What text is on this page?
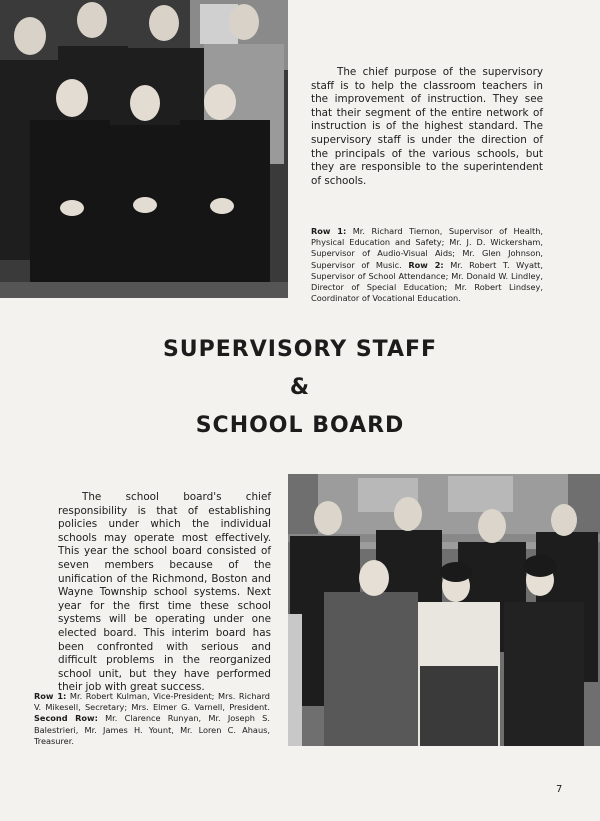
The chief purpose of the supervisory staff is to help the classroom teachers in the improvement of instruction. They see that their segment of the entire network of instruction is of the highest standard. The supervisory staff is under the direction of the principals of the various schools, but they are responsible to the superintendent of schools.

Row 1: Mr. Richard Tiernon, Supervisor of Health, Physical Education and Safety; Mr. J. D. Wickersham, Supervisor of Audio-Visual Aids; Mr. Glen Johnson, Supervisor of Music. Row 2: Mr. Robert T. Wyatt, Supervisor of School Attendance; Mr. Donald W. Lindley, Director of Special Education; Mr. Robert Lindsey, Coordinator of Vocational Education.

SUPERVISORY STAFF
&
SCHOOL BOARD

The school board's chief responsibility is that of establishing policies under which the individual schools may operate most effectively. This year the school board consisted of seven members because of the unification of the Richmond, Boston and Wayne Township school systems. Next year for the first time these school systems will be operating under one elected board. This interim board has been confronted with serious and difficult problems in the reorganized school unit, but they have performed their job with great success.

Row 1: Mr. Robert Kulman, Vice-President; Mrs. Richard V. Mikesell, Secretary; Mrs. Elmer G. Varnell, President. Second Row: Mr. Clarence Runyan, Mr. Joseph S. Balestrieri, Mr. James H. Yount, Mr. Loren C. Ahaus, Treasurer.

7
